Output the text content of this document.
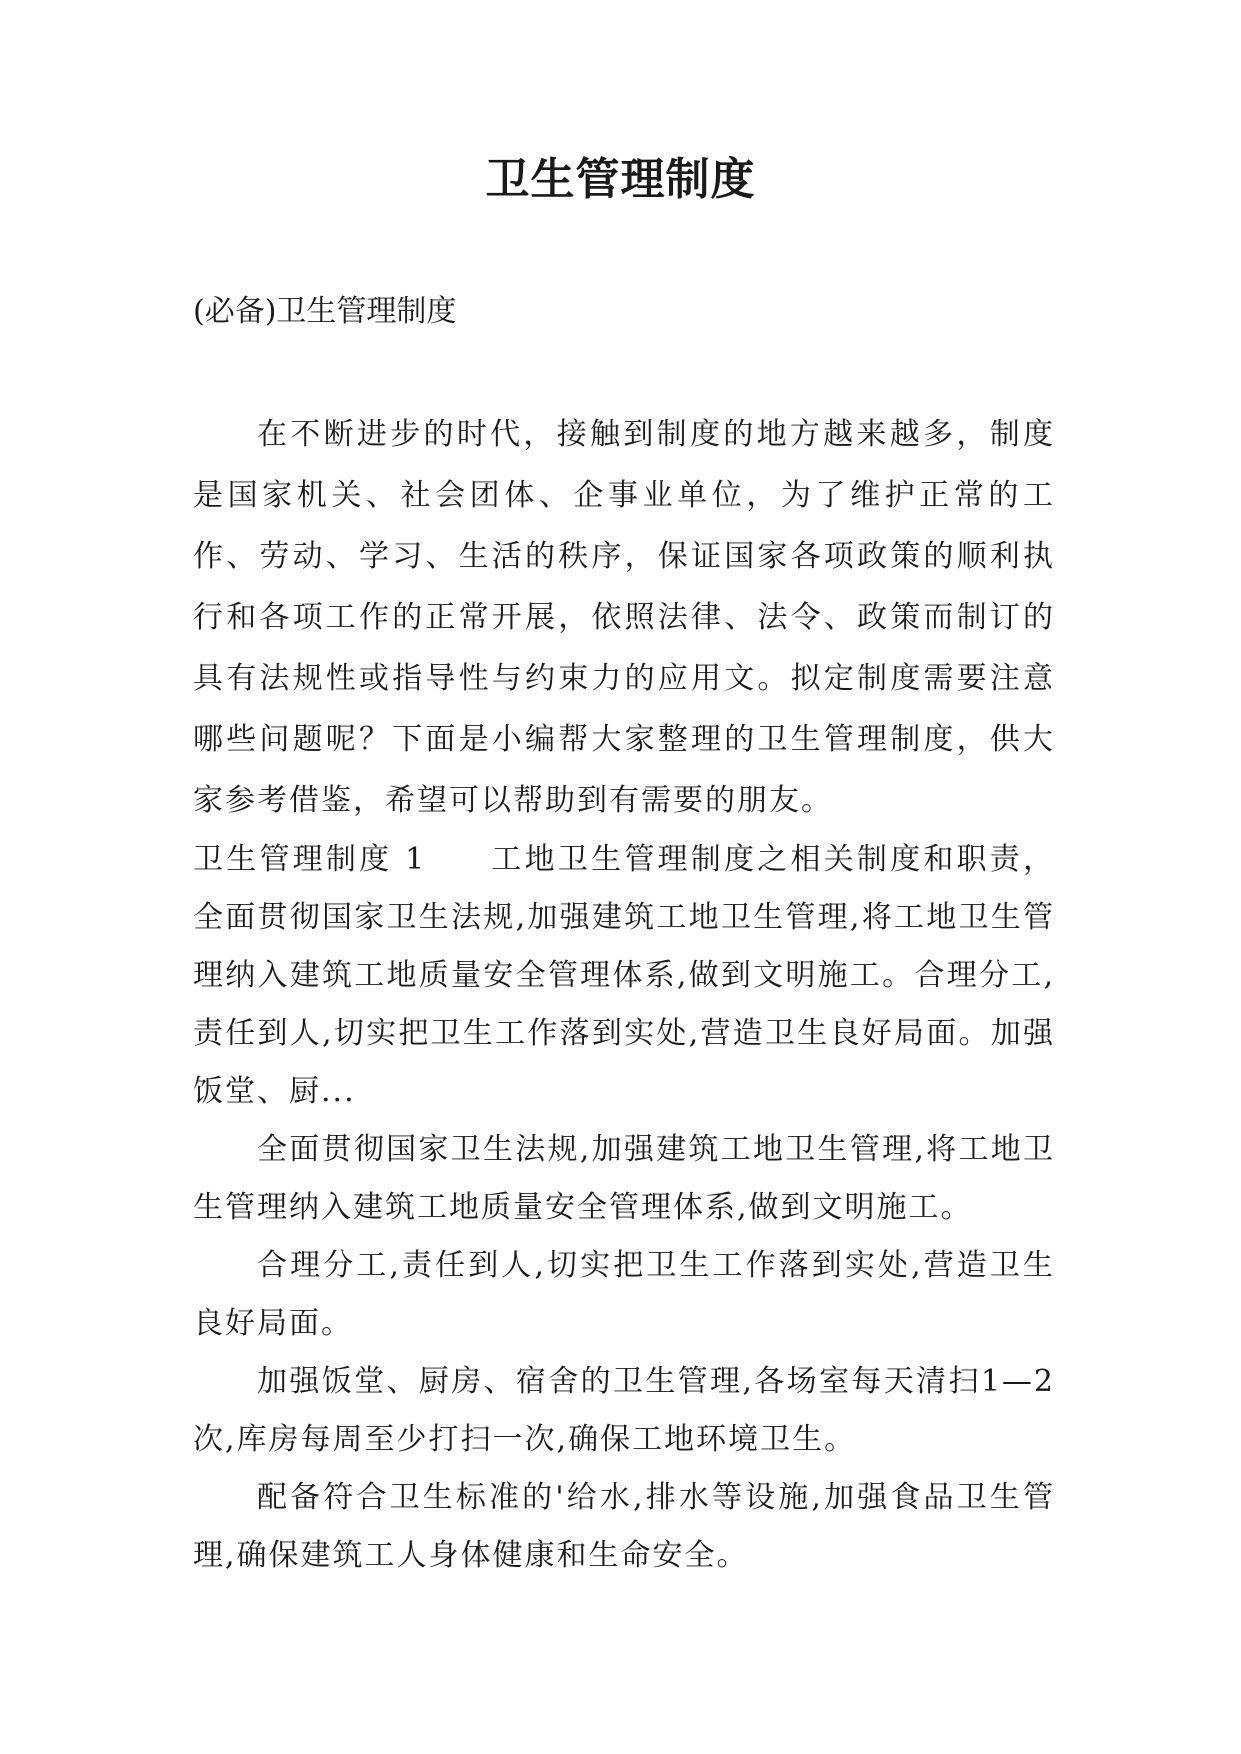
卫生管理制度

(必备)卫生管理制度

在不断进步的时代，接触到制度的地方越来越多，制度是国家机关、社会团体、企事业单位，为了维护正常的工作、劳动、学习、生活的秩序，保证国家各项政策的顺利执行和各项工作的正常开展，依照法律、法令、政策而制订的具有法规性或指导性与约束力的应用文。拟定制度需要注意哪些问题呢？下面是小编帮大家整理的卫生管理制度，供大家参考借鉴，希望可以帮助到有需要的朋友。

卫生管理制度 1 工地卫生管理制度之相关制度和职责，全面贯彻国家卫生法规,加强建筑工地卫生管理,将工地卫生管理纳入建筑工地质量安全管理体系,做到文明施工。合理分工,责任到人,切实把卫生工作落到实处,营造卫生良好局面。加强饭堂、厨...

全面贯彻国家卫生法规,加强建筑工地卫生管理,将工地卫生管理纳入建筑工地质量安全管理体系,做到文明施工。

合理分工,责任到人,切实把卫生工作落到实处,营造卫生良好局面。

加强饭堂、厨房、宿舍的卫生管理,各场室每天清扫1—2次,库房每周至少打扫一次,确保工地环境卫生。

配备符合卫生标准的'给水,排水等设施,加强食品卫生管理,确保建筑工人身体健康和生命安全。
